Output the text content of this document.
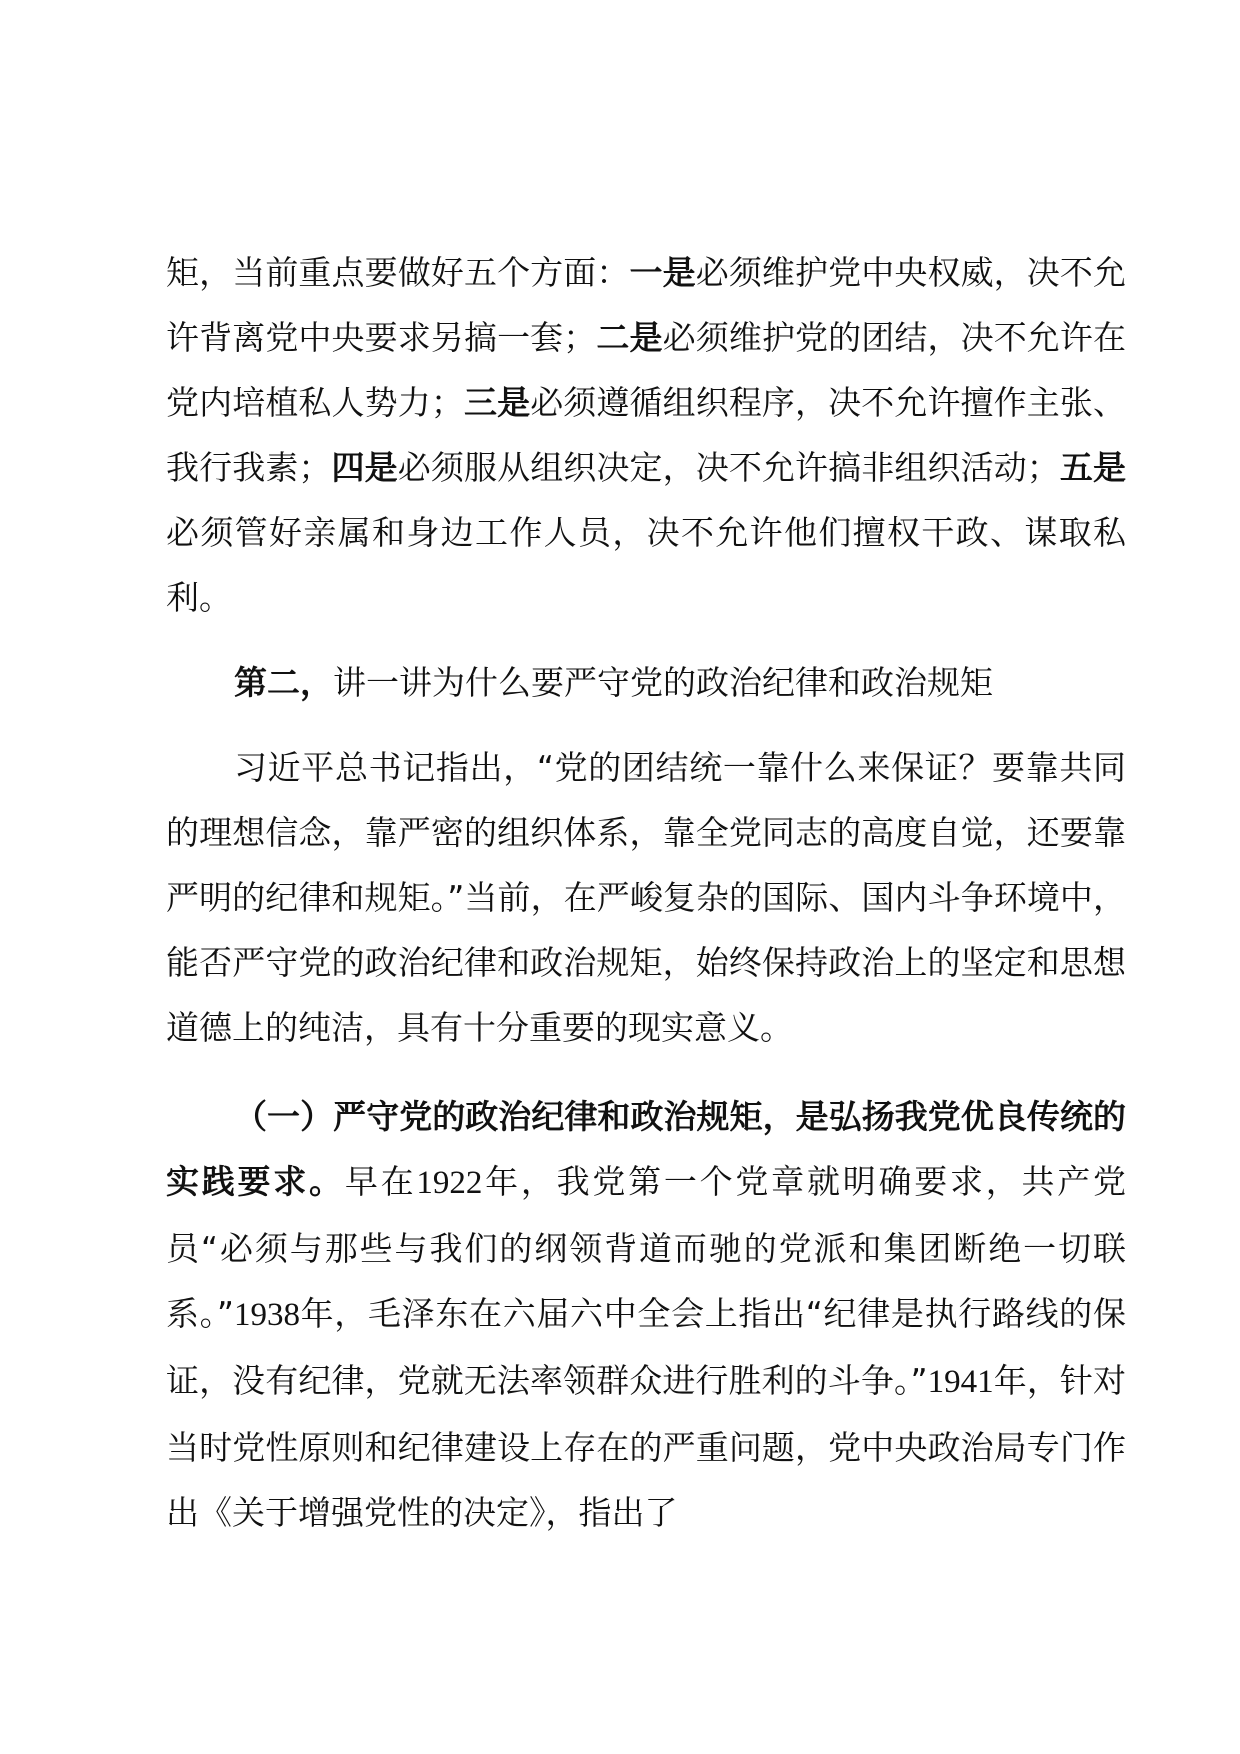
矩，当前重点要做好五个方面：一是必须维护党中央权威，决不允许背离党中央要求另搞一套；二是必须维护党的团结，决不允许在党内培植私人势力；三是必须遵循组织程序，决不允许擅作主张、我行我素；四是必须服从组织决定，决不允许搞非组织活动；五是必须管好亲属和身边工作人员，决不允许他们擅权干政、谋取私利。

第二，讲一讲为什么要严守党的政治纪律和政治规矩

习近平总书记指出，“党的团结统一靠什么来保证？要靠共同的理想信念，靠严密的组织体系，靠全党同志的高度自觉，还要靠严明的纪律和规矩。”当前，在严峻复杂的国际、国内斗争环境中，能否严守党的政治纪律和政治规矩，始终保持政治上的坚定和思想道德上的纯洁，具有十分重要的现实意义。

（一）严守党的政治纪律和政治规矩，是弘扬我党优良传统的实践要求。早在1922年，我党第一个党章就明确要求，共产党员“必须与那些与我们的纲领背道而驰的党派和集团断绝一切联系。”1938年，毛泽东在六届六中全会上指出“纪律是执行路线的保证，没有纪律，党就无法率领群众进行胜利的斗争。”1941年，针对当时党性原则和纪律建设上存在的严重问题，党中央政治局专门作出《关于增强党性的决定》，指出了
